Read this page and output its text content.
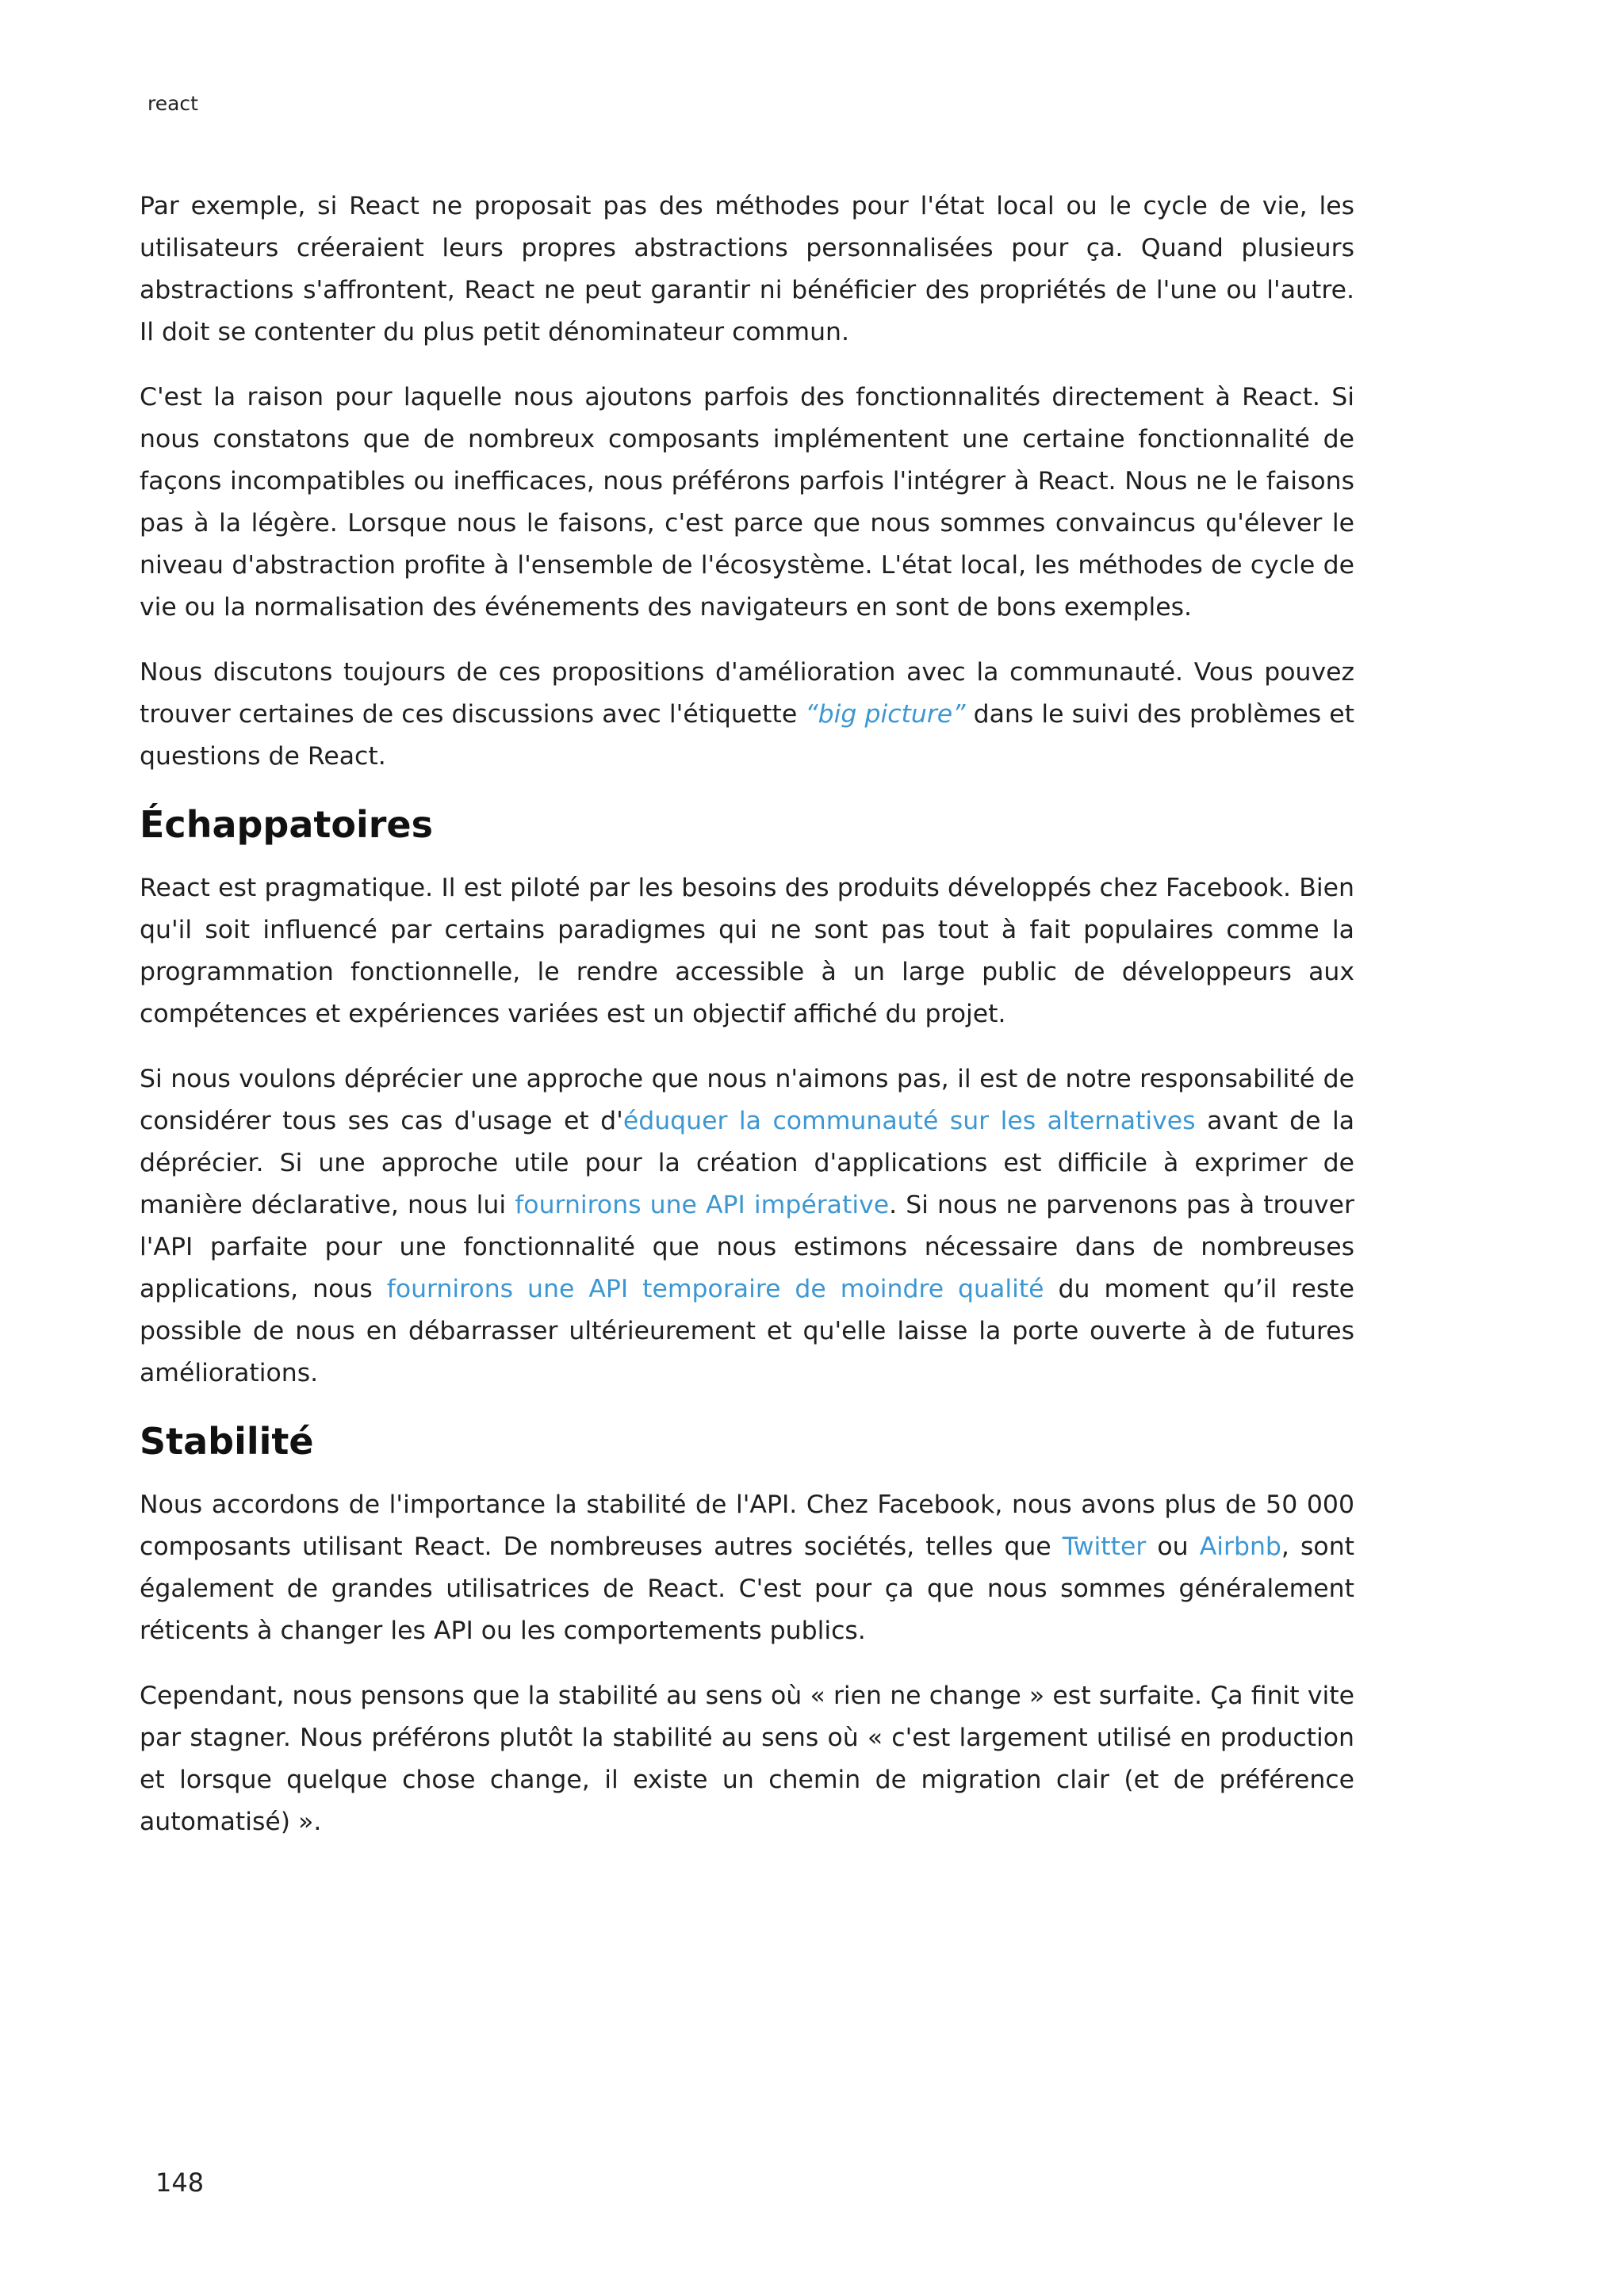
react

Par exemple, si React ne proposait pas des méthodes pour l'état local ou le cycle de vie, les utilisateurs créeraient leurs propres abstractions personnalisées pour ça. Quand plusieurs abstractions s'affrontent, React ne peut garantir ni bénéficier des propriétés de l'une ou l'autre. Il doit se contenter du plus petit dénominateur commun.

C'est la raison pour laquelle nous ajoutons parfois des fonctionnalités directement à React. Si nous constatons que de nombreux composants implémentent une certaine fonctionnalité de façons incompatibles ou inefficaces, nous préférons parfois l'intégrer à React. Nous ne le faisons pas à la légère. Lorsque nous le faisons, c'est parce que nous sommes convaincus qu'élever le niveau d'abstraction profite à l'ensemble de l'écosystème. L'état local, les méthodes de cycle de vie ou la normalisation des événements des navigateurs en sont de bons exemples.

Nous discutons toujours de ces propositions d'amélioration avec la communauté. Vous pouvez trouver certaines de ces discussions avec l'étiquette “big picture” dans le suivi des problèmes et questions de React.

Échappatoires

React est pragmatique. Il est piloté par les besoins des produits développés chez Facebook. Bien qu'il soit influencé par certains paradigmes qui ne sont pas tout à fait populaires comme la programmation fonctionnelle, le rendre accessible à un large public de développeurs aux compétences et expériences variées est un objectif affiché du projet.

Si nous voulons déprécier une approche que nous n'aimons pas, il est de notre responsabilité de considérer tous ses cas d'usage et d'éduquer la communauté sur les alternatives avant de la déprécier. Si une approche utile pour la création d'applications est difficile à exprimer de manière déclarative, nous lui fournirons une API impérative. Si nous ne parvenons pas à trouver l'API parfaite pour une fonctionnalité que nous estimons nécessaire dans de nombreuses applications, nous fournirons une API temporaire de moindre qualité du moment qu’il reste possible de nous en débarrasser ultérieurement et qu'elle laisse la porte ouverte à de futures améliorations.

Stabilité

Nous accordons de l'importance la stabilité de l'API. Chez Facebook, nous avons plus de 50 000 composants utilisant React. De nombreuses autres sociétés, telles que Twitter ou Airbnb, sont également de grandes utilisatrices de React. C'est pour ça que nous sommes généralement réticents à changer les API ou les comportements publics.

Cependant, nous pensons que la stabilité au sens où « rien ne change » est surfaite. Ça finit vite par stagner. Nous préférons plutôt la stabilité au sens où « c'est largement utilisé en production et lorsque quelque chose change, il existe un chemin de migration clair (et de préférence automatisé) ».

148
